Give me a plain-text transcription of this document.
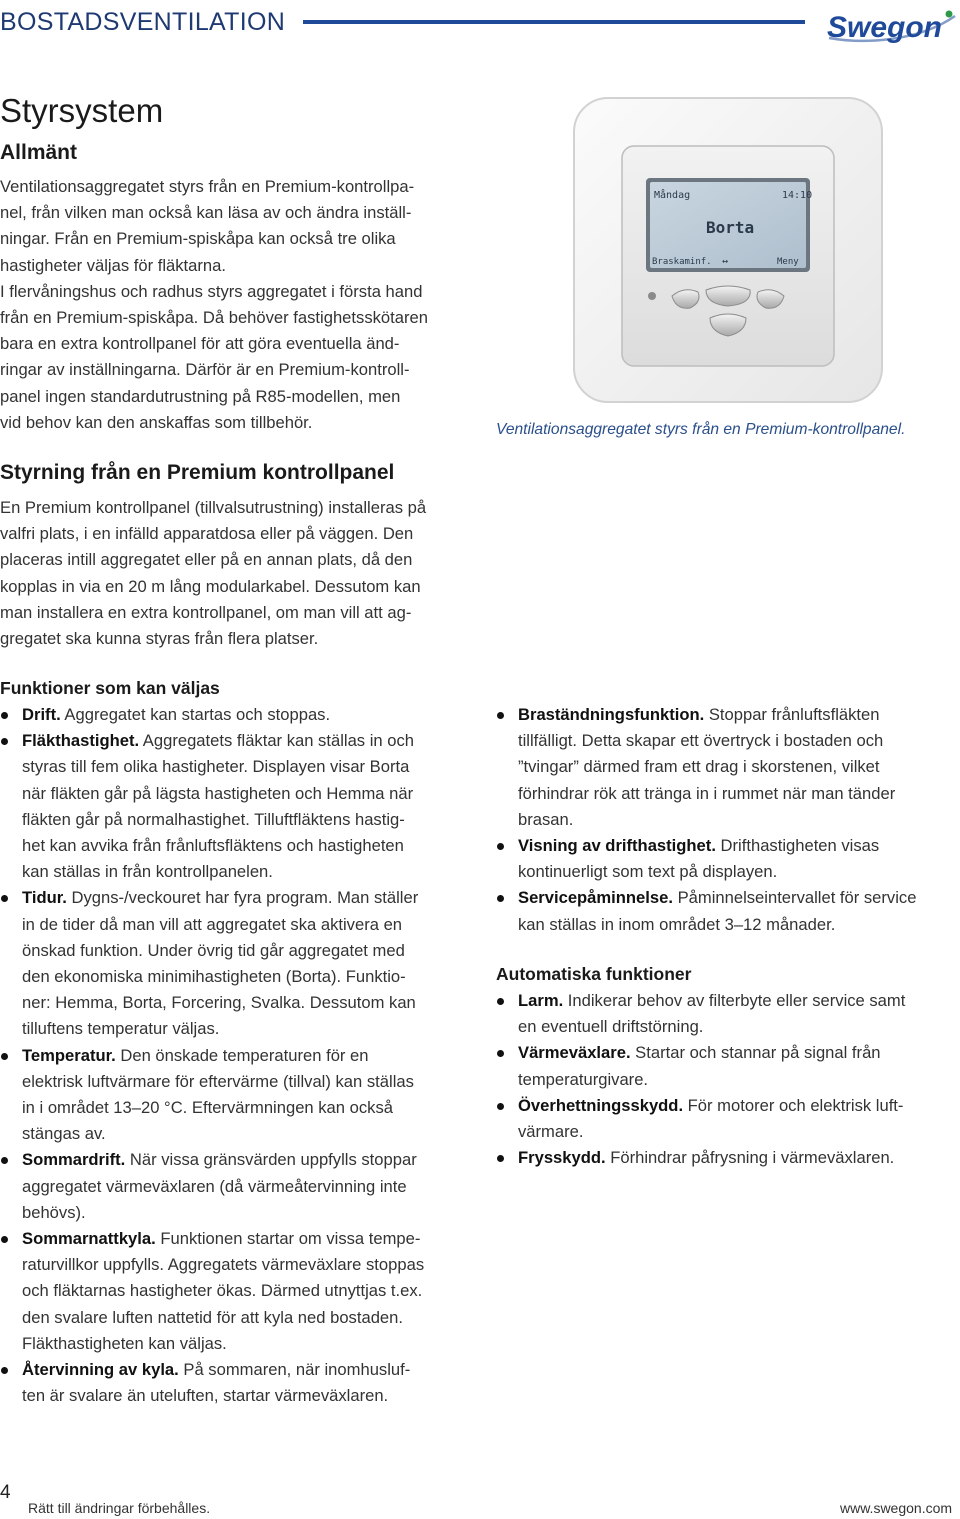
BOSTADSVENTILATION	Swegon
Styrsystem
Allmänt

Ventilationsaggregatet styrs från en Premium-kontrollpa-

nel, från vilken man också kan läsa av och ändra inställ-

ningar. Från en Premium-spiskåpa kan också tre olika

hastigheter väljas för fläktarna.

I flervåningshus och radhus styrs aggregatet i första hand

från en Premium-spiskåpa. Då behöver fastighetsskötaren

bara en extra kontrollpanel för att göra eventuella änd-

ringar av inställningarna. Därför är en Premium-kontroll-

panel ingen standardutrustning på R85-modellen, men

vid behov kan den anskaffas som tillbehör.

Måndag	14:10
Borta
Braskaminf. ↔	Meny
Ventilationsaggregatet styrs från en Premium-kontrollpanel.
Styrning från en Premium kontrollpanel

En Premium kontrollpanel (tillvalsutrustning) installeras på

valfri plats, i en infälld apparatdosa eller på väggen. Den

placeras intill aggregatet eller på en annan plats, då den

kopplas in via en 20 m lång modularkabel. Dessutom kan

man installera en extra kontrollpanel, om man vill att ag-

gregatet ska kunna styras från flera platser.

Funktioner som kan väljas
Drift. Aggregatet kan startas och stoppas.
Fläkthastighet. Aggregatets fläktar kan ställas in och
styras till fem olika hastigheter. Displayen visar Borta
när fläkten går på lägsta hastigheten och Hemma när
fläkten går på normalhastighet. Tilluftfläktens hastig-
het kan avvika från frånluftsfläktens och hastigheten
kan ställas in från kontrollpanelen.
Tidur. Dygns-/veckouret har fyra program. Man ställer
in de tider då man vill att aggregatet ska aktivera en
önskad funktion. Under övrig tid går aggregatet med
den ekonomiska minimihastigheten (Borta). Funktio-
ner: Hemma, Borta, Forcering, Svalka. Dessutom kan
tilluftens temperatur väljas.
Temperatur. Den önskade temperaturen för en
elektrisk luftvärmare för eftervärme (tillval) kan ställas
in i området 13–20 °C. Eftervärmningen kan också
stängas av.
Sommardrift. När vissa gränsvärden uppfylls stoppar
aggregatet värmeväxlaren (då värmeåtervinning inte
behövs).
Sommarnattkyla. Funktionen startar om vissa tempe-
raturvillkor uppfylls. Aggregatets värmeväxlare stoppas
och fläktarnas hastigheter ökas. Därmed utnyttjas t.ex.
den svalare luften nattetid för att kyla ned bostaden.
Fläkthastigheten kan väljas.
Återvinning av kyla. På sommaren, när inomhusluf-
ten är svalare än uteluften, startar värmeväxlaren.
Braständningsfunktion. Stoppar frånluftsfläkten
tillfälligt. Detta skapar ett övertryck i bostaden och
”tvingar” därmed fram ett drag i skorstenen, vilket
förhindrar rök att tränga in i rummet när man tänder
brasan.
Visning av drifthastighet. Drifthastigheten visas
kontinuerligt som text på displayen.
Servicepåminnelse. Påminnelseintervallet för service
kan ställas in inom området 3–12 månader.
Automatiska funktioner
Larm. Indikerar behov av filterbyte eller service samt
en eventuell driftstörning.
Värmeväxlare. Startar och stannar på signal från
temperaturgivare.
Överhettningsskydd. För motorer och elektrisk luft-
värmare.
Frysskydd. Förhindrar påfrysning i värmeväxlaren.
4
Rätt till ändringar förbehålles.	www.swegon.com
